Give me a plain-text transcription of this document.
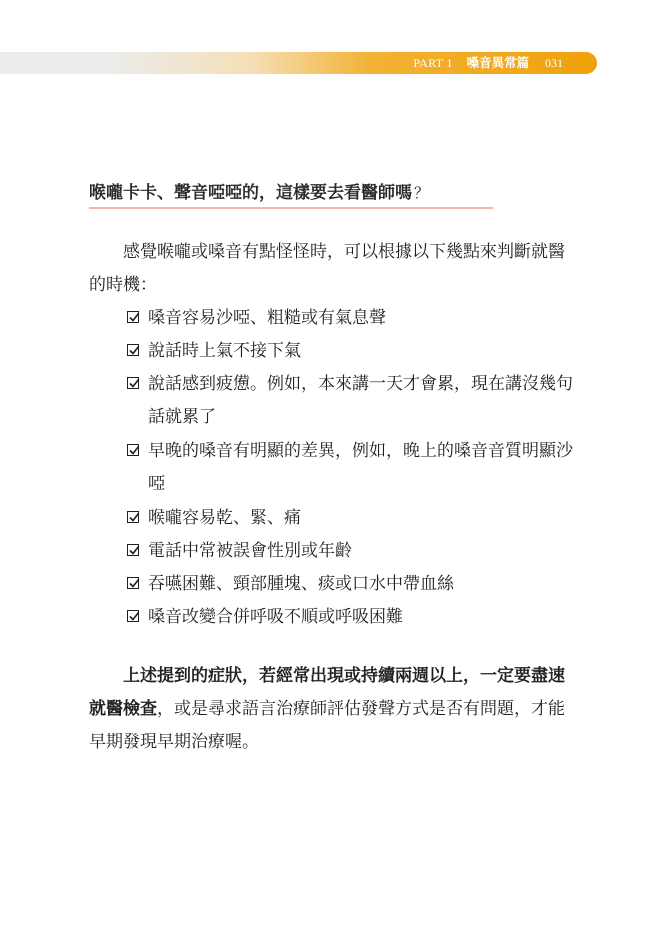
PART 1 嗓音異常篇 031
喉嚨卡卡、聲音啞啞的，這樣要去看醫師嗎 ？
感覺喉嚨或嗓音有點怪怪時，可以根據以下幾點來判斷就醫的時機：
嗓音容易沙啞、粗糙或有氣息聲
說話時上氣不接下氣
說話感到疲憊。例如，本來講一天才會累，現在講沒幾句話就累了
早晚的嗓音有明顯的差異，例如，晚上的嗓音音質明顯沙啞
喉嚨容易乾、緊、痛
電話中常被誤會性別或年齡
吞嚥困難、頸部腫塊、痰或口水中帶血絲
嗓音改變合併呼吸不順或呼吸困難
上述提到的症狀，若經常出現或持續兩週以上，一定要盡速就醫檢查，或是尋求語言治療師評估發聲方式是否有問題，才能早期發現早期治療喔。
